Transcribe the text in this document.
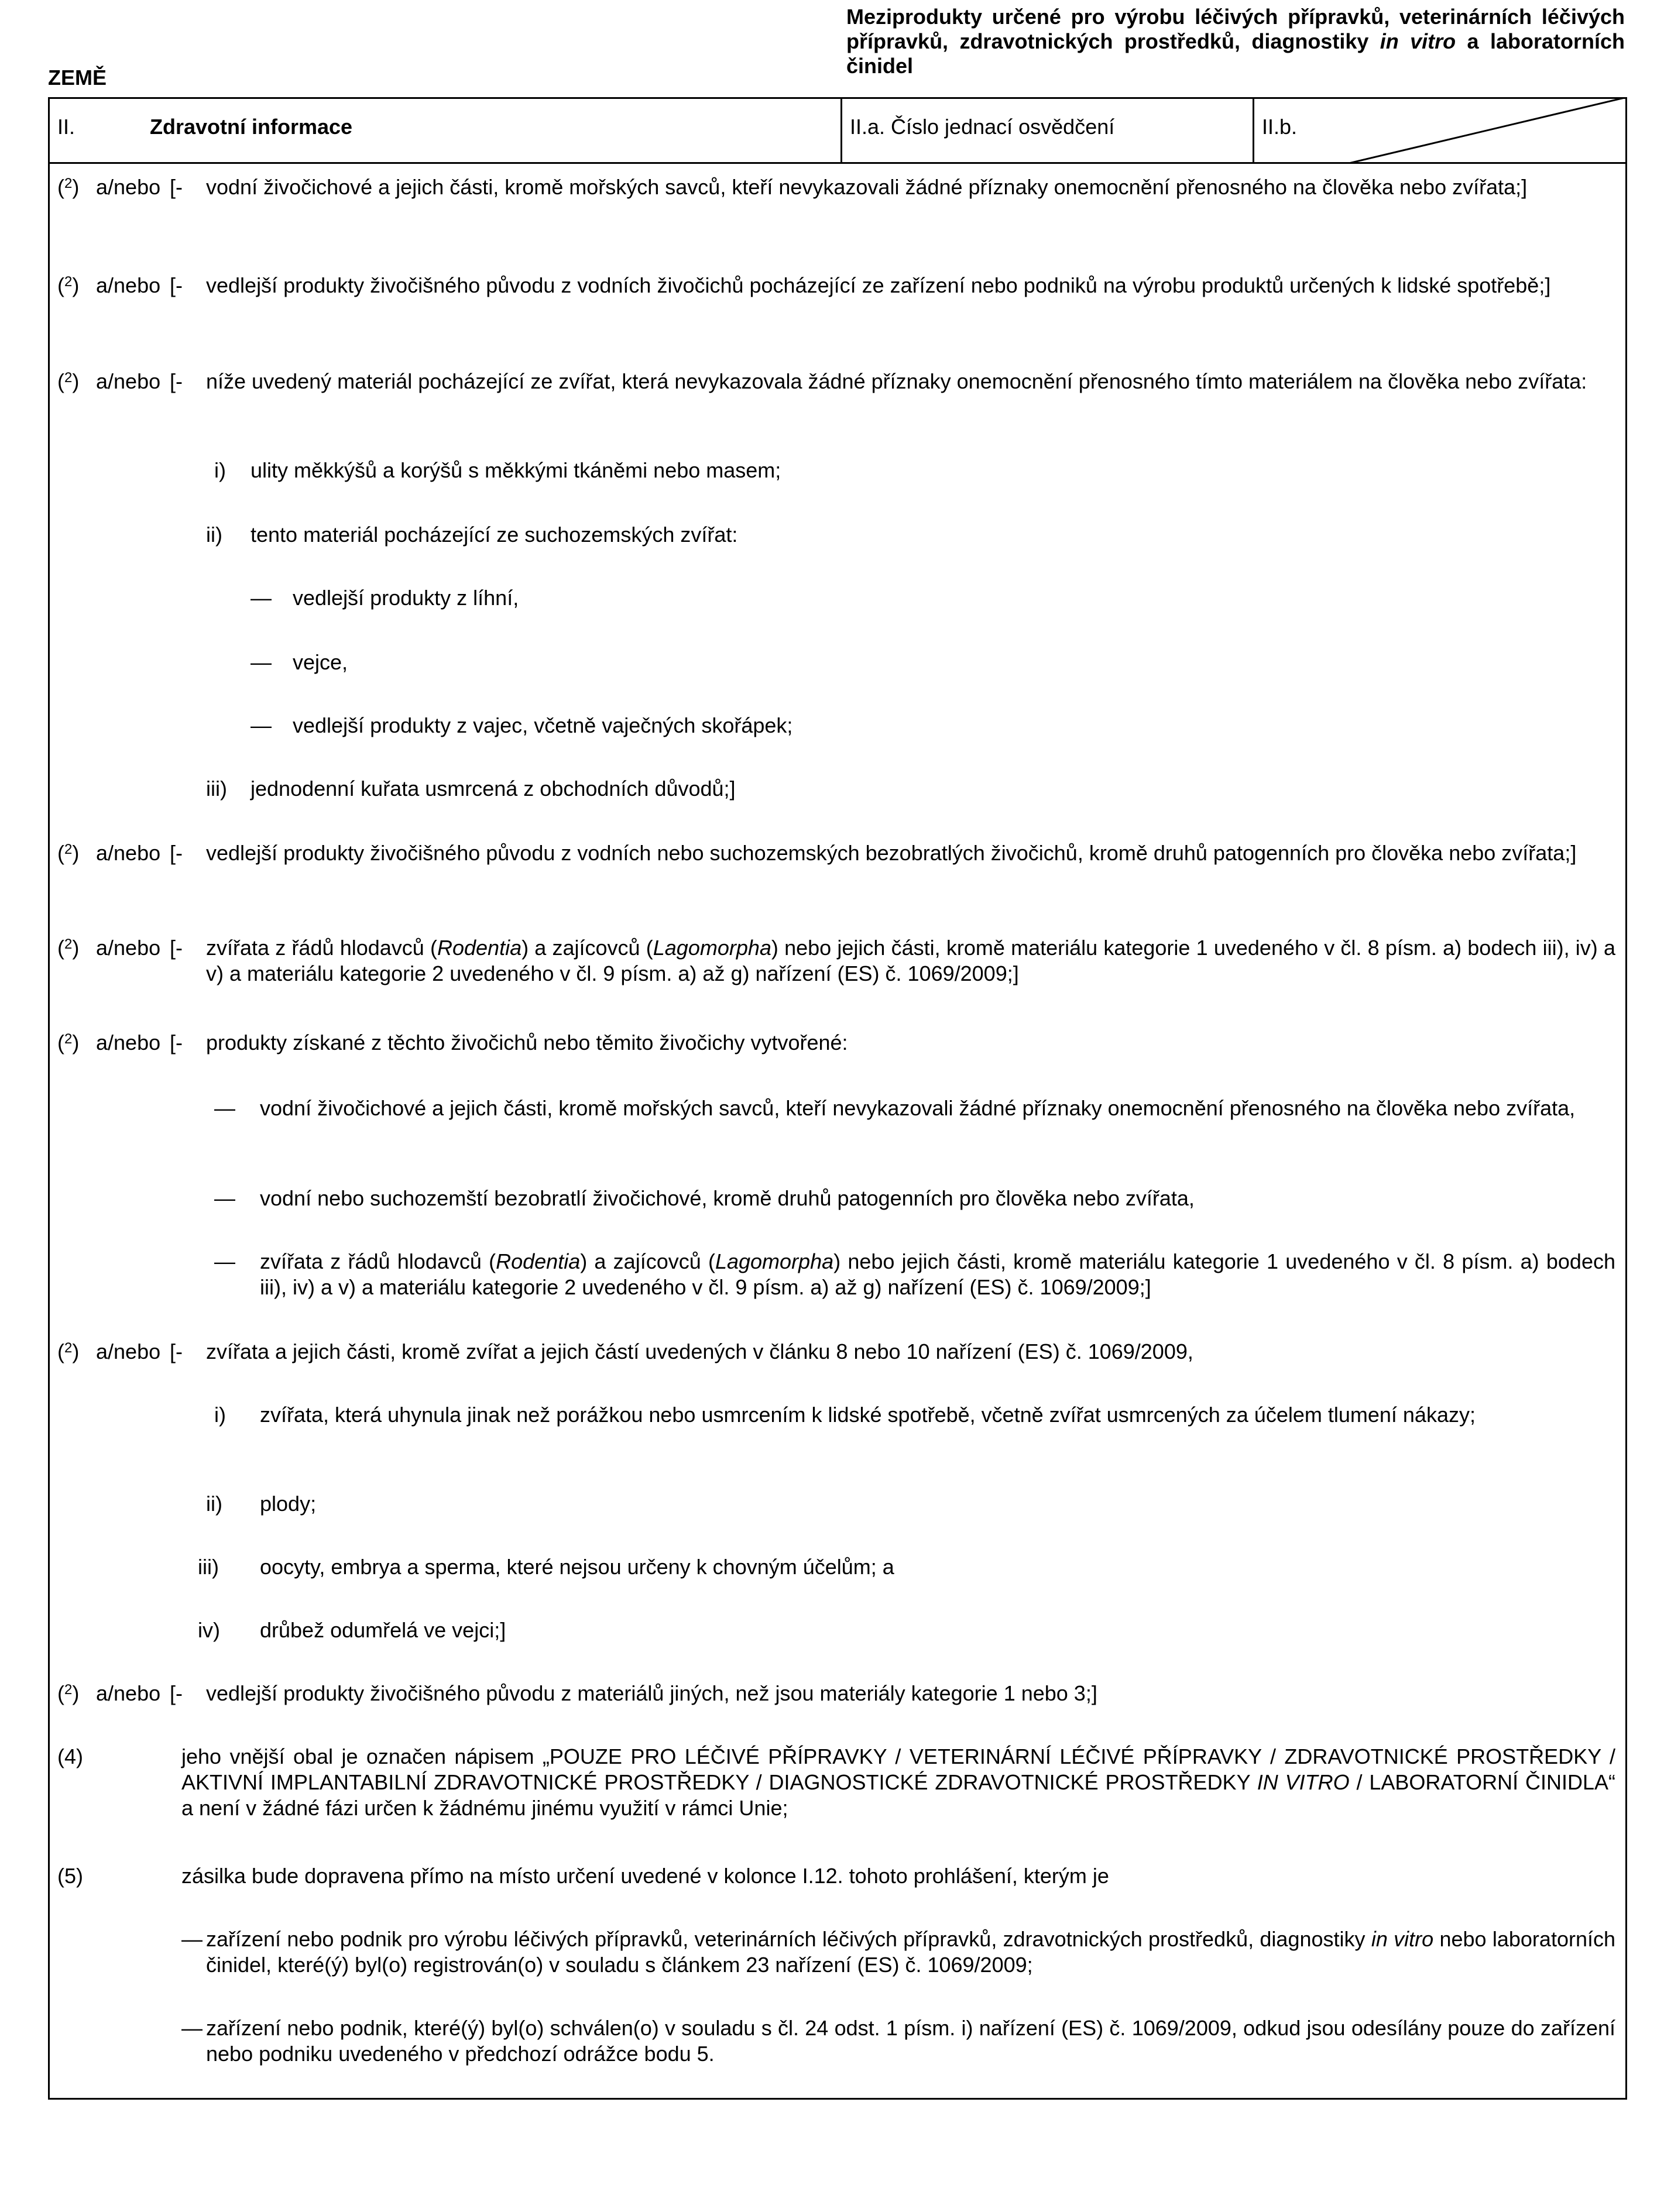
ZEMĚ
Meziprodukty určené pro výrobu léčivých přípravků, veterinárních léčivých přípravků, zdravotnických prostředků, diagnostiky in vitro a laboratorních činidel
II.	Zdravotní informace	II.a. Číslo jednací osvědčení	II.b.
($^2$) a/nebo [- vodní živočichové a jejich části, kromě mořských savců, kteří nevykazovali žádné příznaky onemocnění přenosného na člověka nebo zvířata;]
($^2$) a/nebo [- vedlejší produkty živočišného původu z vodních živočichů pocházející ze zařízení nebo podniků na výrobu produktů určených k lidské spotřebě;]
($^2$) a/nebo [- níže uvedený materiál pocházející ze zvířat, která nevykazovala žádné příznaky onemocnění přenosného tímto materiálem na člověka nebo zvířata:
i) ulity měkkýšů a korýšů s měkkými tkáněmi nebo masem;
ii) tento materiál pocházející ze suchozemských zvířat:
— vedlejší produkty z líhní,
— vejce,
— vedlejší produkty z vajec, včetně vaječných skořápek;
iii) jednodenní kuřata usmrcená z obchodních důvodů;]
($^2$) a/nebo [- vedlejší produkty živočišného původu z vodních nebo suchozemských bezobratlých živočichů, kromě druhů patogenních pro člověka nebo zvířata;]
($^2$) a/nebo [- zvířata z řádů hlodavců (Rodentia) a zajícovců (Lagomorpha) nebo jejich části, kromě materiálu kategorie 1 uvedeného v čl. 8 písm. a) bodech iii), iv) a v) a materiálu kategorie 2 uvedeného v čl. 9 písm. a) až g) nařízení (ES) č. 1069/2009;]
($^2$) a/nebo [- produkty získané z těchto živočichů nebo těmito živočichy vytvořené:
— vodní živočichové a jejich části, kromě mořských savců, kteří nevykazovali žádné příznaky onemocnění přenosného na člověka nebo zvířata,
— vodní nebo suchozemští bezobratlí živočichové, kromě druhů patogenních pro člověka nebo zvířata,
— zvířata z řádů hlodavců (Rodentia) a zajícovců (Lagomorpha) nebo jejich části, kromě materiálu kategorie 1 uvedeného v čl. 8 písm. a) bodech iii), iv) a v) a materiálu kategorie 2 uvedeného v čl. 9 písm. a) až g) nařízení (ES) č. 1069/2009;]
($^2$) a/nebo [- zvířata a jejich části, kromě zvířat a jejich částí uvedených v článku 8 nebo 10 nařízení (ES) č. 1069/2009,
i) zvířata, která uhynula jinak než porážkou nebo usmrcením k lidské spotřebě, včetně zvířat usmrcených za účelem tlumení nákazy;
ii) plody;
iii) oocyty, embrya a sperma, které nejsou určeny k chovným účelům; a
iv) drůbež odumřelá ve vejci;]
($^2$) a/nebo [- vedlejší produkty živočišného původu z materiálů jiných, než jsou materiály kategorie 1 nebo 3;]
(4)	jeho vnější obal je označen nápisem „POUZE PRO LÉČIVÉ PŘÍPRAVKY / VETERINÁRNÍ LÉČIVÉ PŘÍPRAVKY / ZDRAVOTNICKÉ PROSTŘEDKY / AKTIVNÍ IMPLANTABILNÍ ZDRAVOTNICKÉ PROSTŘEDKY / DIAGNOSTICKÉ ZDRAVOTNICKÉ PROSTŘEDKY IN VITRO / LABORATORNÍ ČINIDLA“ a není v žádné fázi určen k žádnému jinému využití v rámci Unie;
(5)	zásilka bude dopravena přímo na místo určení uvedené v kolonce I.12. tohoto prohlášení, kterým je
— zařízení nebo podnik pro výrobu léčivých přípravků, veterinárních léčivých přípravků, zdravotnických prostředků, diagnostiky in vitro nebo laboratorních činidel, které(ý) byl(o) registrován(o) v souladu s článkem 23 nařízení (ES) č. 1069/2009;
— zařízení nebo podnik, které(ý) byl(o) schválen(o) v souladu s čl. 24 odst. 1 písm. i) nařízení (ES) č. 1069/2009, odkud jsou odesílány pouze do zařízení nebo podniku uvedeného v předchozí odrážce bodu 5.
